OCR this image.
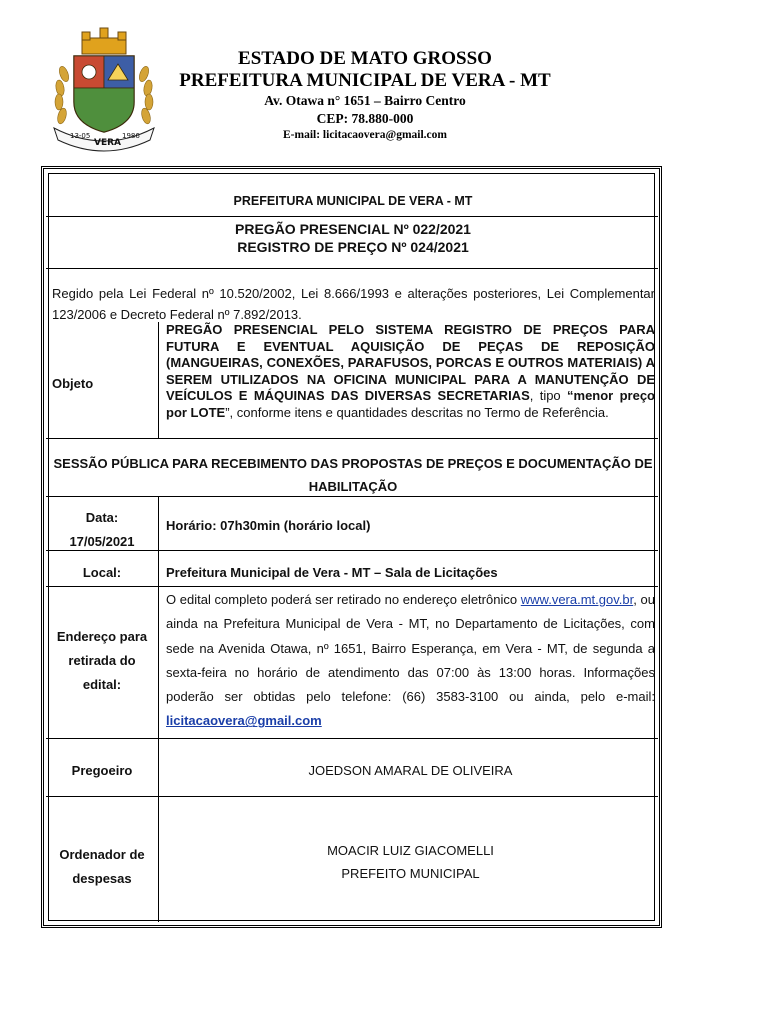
13-05
VERA
1986
ESTADO DE MATO GROSSO
PREFEITURA MUNICIPAL DE VERA - MT
Av. Otawa n° 1651 – Bairro Centro
CEP: 78.880-000
E-mail: licitacaovera@gmail.com
PREFEITURA MUNICIPAL DE VERA - MT
PREGÃO PRESENCIAL Nº 022/2021
REGISTRO DE PREÇO Nº 024/2021
Regido pela Lei Federal nº 10.520/2002, Lei 8.666/1993 e alterações posteriores, Lei Complementar 123/2006 e Decreto Federal nº 7.892/2013.
Objeto
PREGÃO PRESENCIAL PELO SISTEMA REGISTRO DE PREÇOS PARA FUTURA E EVENTUAL AQUISIÇÃO DE PEÇAS DE REPOSIÇÃO (MANGUEIRAS, CONEXÕES, PARAFUSOS, PORCAS E OUTROS MATERIAIS) A SEREM UTILIZADOS NA OFICINA MUNICIPAL PARA A MANUTENÇÃO DE VEÍCULOS E MÁQUINAS DAS DIVERSAS SECRETARIAS, tipo “menor preço por LOTE”, conforme itens e quantidades descritas no Termo de Referência.
SESSÃO PÚBLICA PARA RECEBIMENTO DAS PROPOSTAS DE PREÇOS E DOCUMENTAÇÃO DE HABILITAÇÃO
Data:
17/05/2021
Horário: 07h30min (horário local)
Local:	Prefeitura Municipal de Vera - MT – Sala de Licitações
Endereço para retirada do edital:
O edital completo poderá ser retirado no endereço eletrônico www.vera.mt.gov.br, ou ainda na Prefeitura Municipal de Vera - MT, no Departamento de Licitações, com sede na Avenida Otawa, nº 1651, Bairro Esperança, em Vera - MT, de segunda a sexta-feira no horário de atendimento das 07:00 às 13:00 horas. Informações poderão ser obtidas pelo telefone: (66) 3583-3100 ou ainda, pelo e-mail: licitacaovera@gmail.com
Pregoeiro	JOEDSON AMARAL DE OLIVEIRA
Ordenador de despesas
MOACIR LUIZ GIACOMELLI
PREFEITO MUNICIPAL
